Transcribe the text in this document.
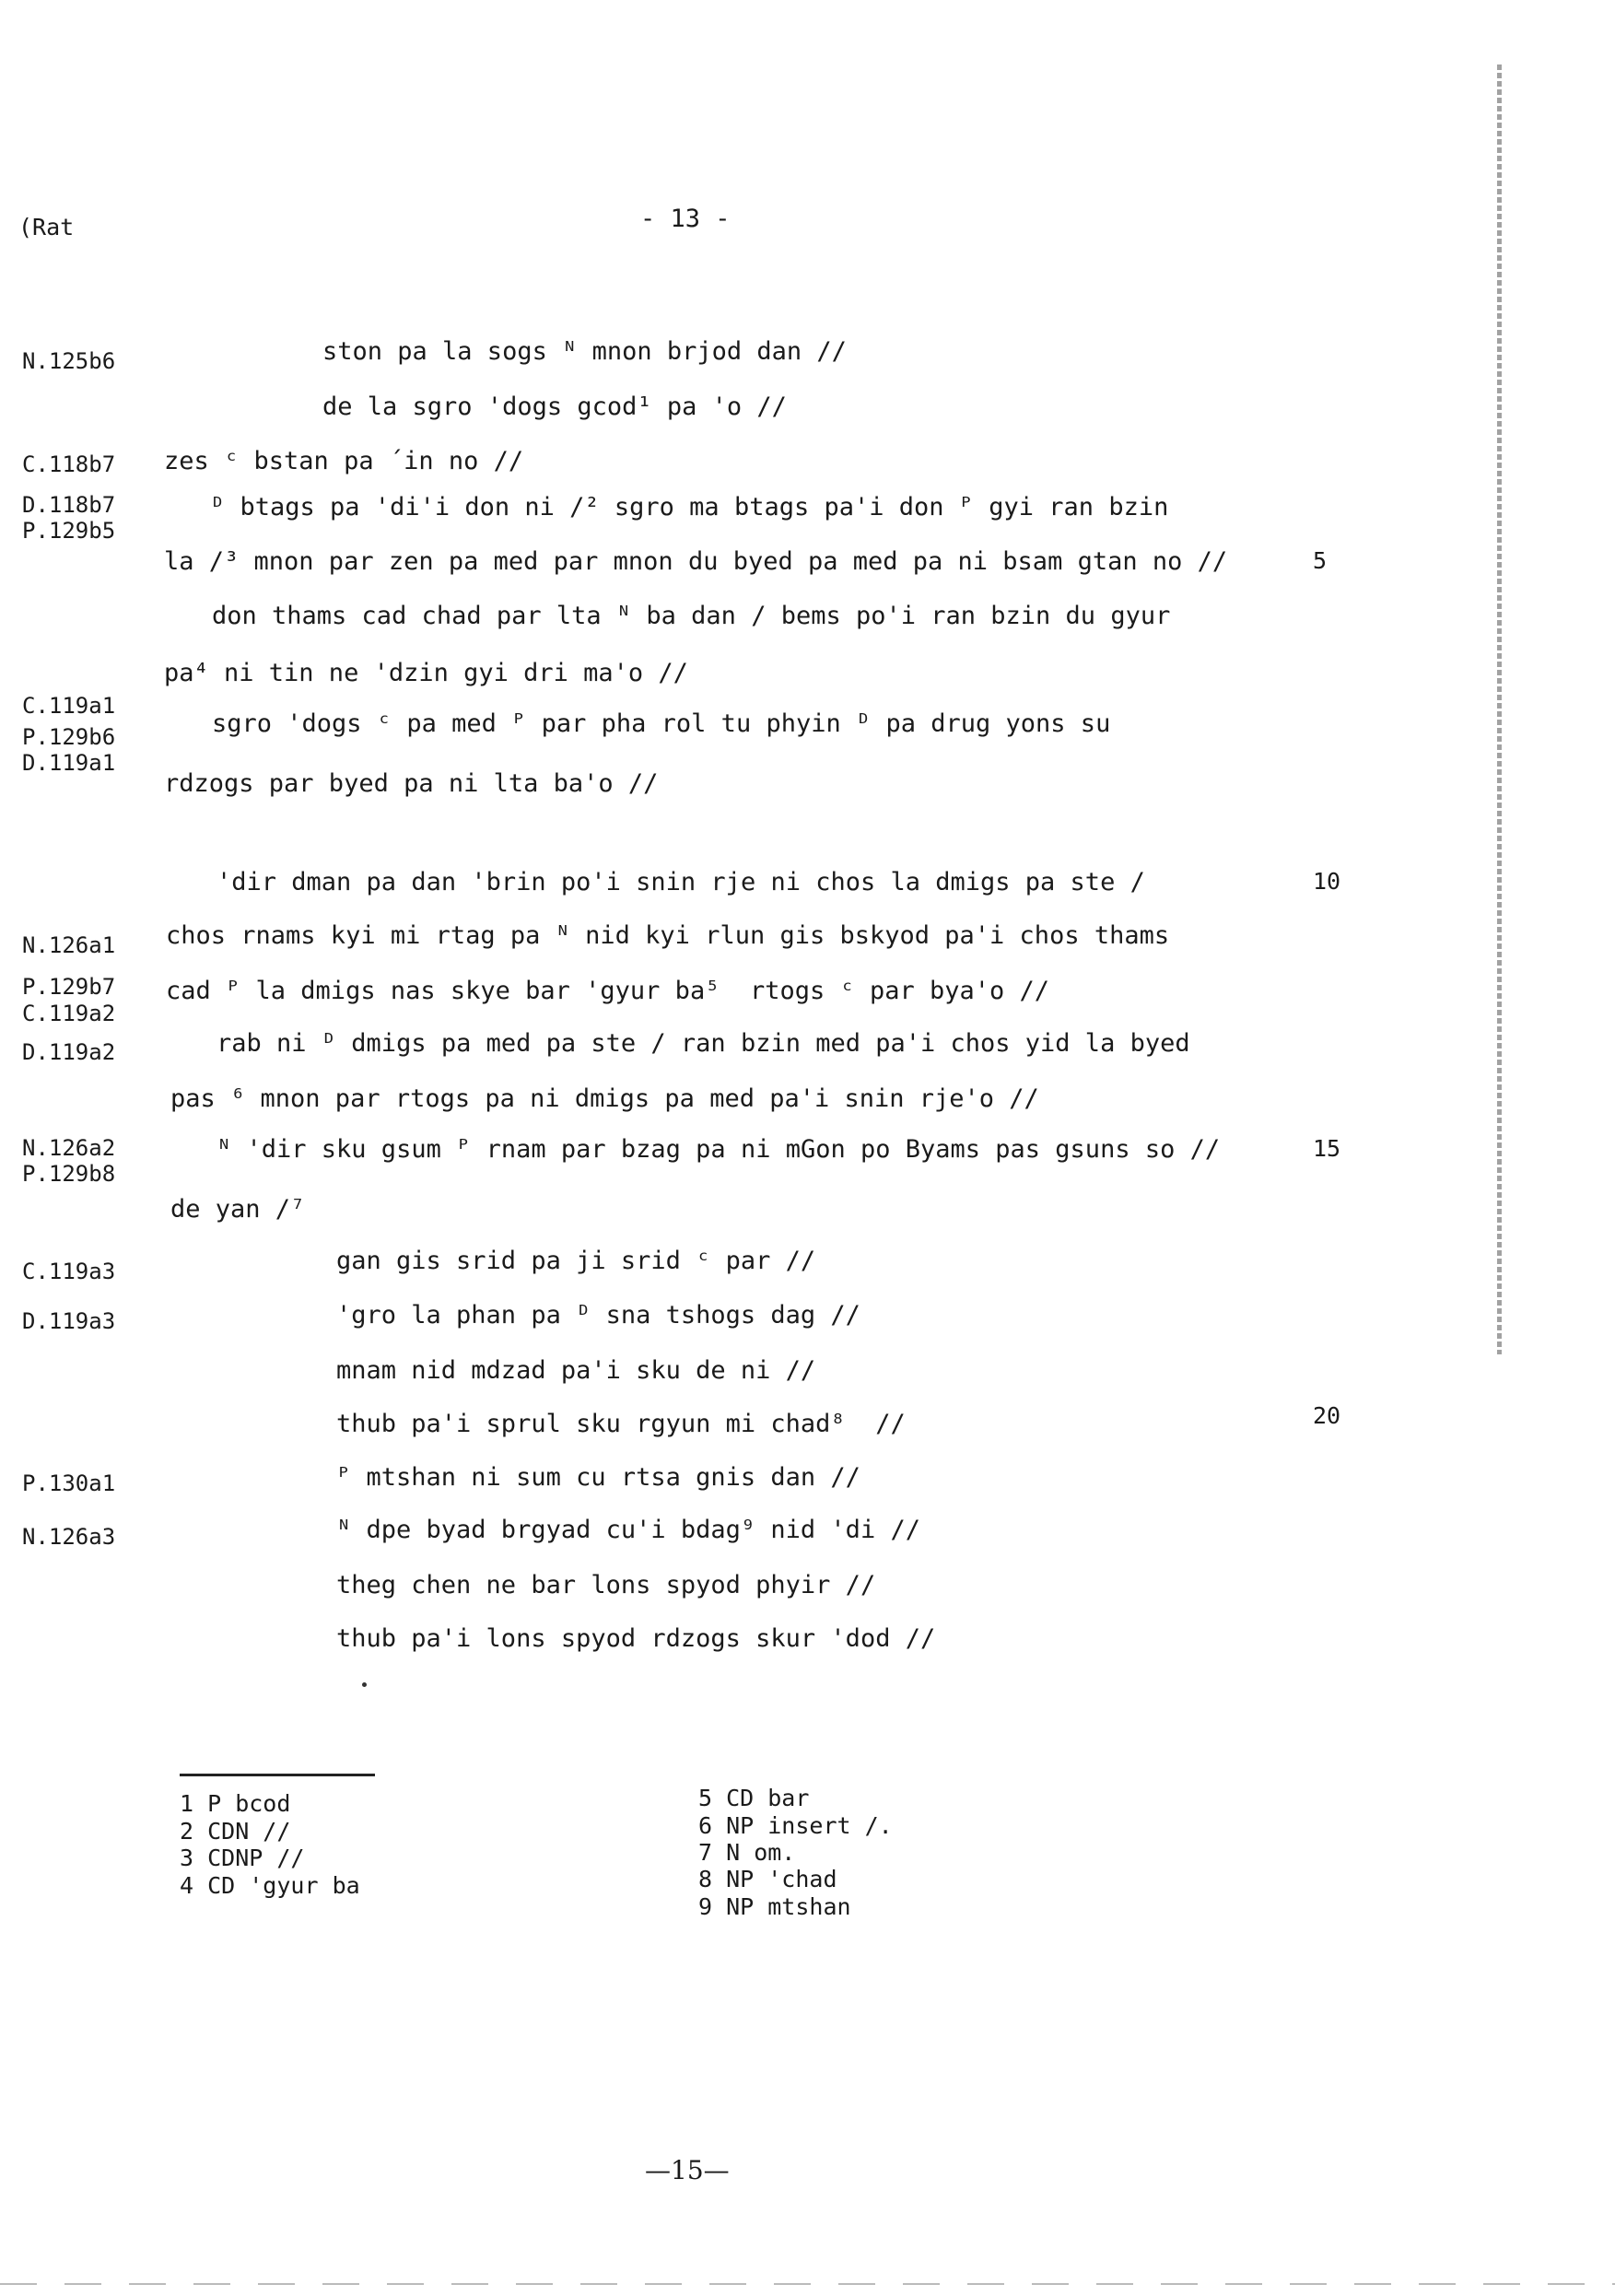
(Rat	- 13 -
N.125b6
C.118b7
D.118b7
P.129b5
C.119a1
P.129b6
D.119a1
N.126a1
P.129b7
C.119a2
D.119a2
N.126a2
P.129b8
C.119a3
D.119a3
P.130a1
N.126a3
ston pa la sogs ᴺ mnon brjod dan //
de la sgro 'dogs gcod¹ pa 'o //
zes ᶜ bstan pa ´in no //
ᴰ btags pa 'di'i don ni /² sgro ma btags pa'i don ᴾ gyi ran bzin
la /³ mnon par zen pa med par mnon du byed pa med pa ni bsam gtan no //
don thams cad chad par lta ᴺ ba dan / bems po'i ran bzin du gyur
pa⁴ ni tin ne 'dzin gyi dri ma'o //
sgro 'dogs ᶜ pa med ᴾ par pha rol tu phyin ᴰ pa drug yons su
rdzogs par byed pa ni lta ba'o //
'dir dman pa dan 'brin po'i snin rje ni chos la dmigs pa ste /
chos rnams kyi mi rtag pa ᴺ nid kyi rlun gis bskyod pa'i chos thams
cad ᴾ la dmigs nas skye bar 'gyur ba⁵  rtogs ᶜ par bya'o //
rab ni ᴰ dmigs pa med pa ste / ran bzin med pa'i chos yid la byed
pas ⁶ mnon par rtogs pa ni dmigs pa med pa'i snin rje'o //
ᴺ 'dir sku gsum ᴾ rnam par bzag pa ni mGon po Byams pas gsuns so //
de yan /⁷
gan gis srid pa ji srid ᶜ par //
'gro la phan pa ᴰ sna tshogs dag //
mnam nid mdzad pa'i sku de ni //
thub pa'i sprul sku rgyun mi chad⁸  //
ᴾ mtshan ni sum cu rtsa gnis dan //
ᴺ dpe byad brgyad cu'i bdag⁹ nid 'di //
theg chen ne bar lons spyod phyir //
thub pa'i lons spyod rdzogs skur 'dod //
5
10
15
20
1 P bcod
2 CDN //
3 CDNP //
4 CD 'gyur ba
5 CD bar
6 NP insert /.
7 N om.
8 NP 'chad
9 NP mtshan
—15—
